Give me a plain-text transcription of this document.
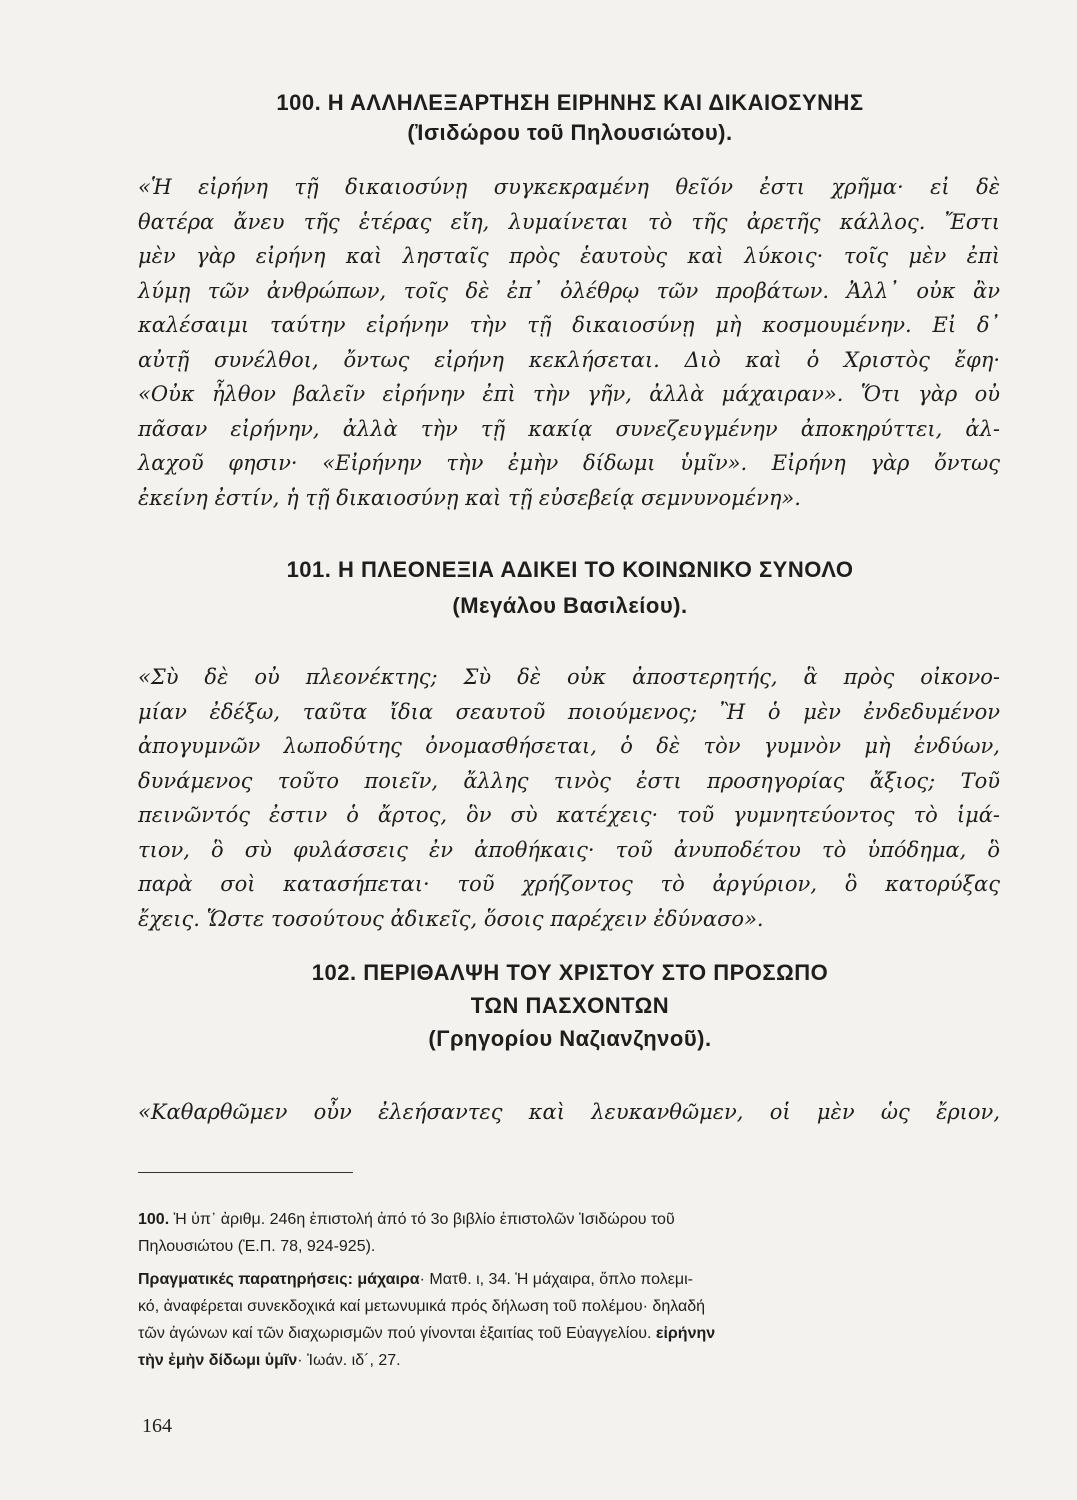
100. Η ΑΛΛΗΛΕΞΑΡΤΗΣΗ ΕΙΡΗΝΗΣ ΚΑΙ ΔΙΚΑΙΟΣΥΝΗΣ
(Ἰσιδώρου τοῦ Πηλουσιώτου).
«Ἡ εἰρήνη τῇ δικαιοσύνῃ συγκεκραμένη θεῖόν ἐστι χρῆμα· εἰ δὲ
θατέρα ἄνευ τῆς ἑτέρας εἴη, λυμαίνεται τὸ τῆς ἀρετῆς κάλλος. Ἔστι
μὲν γὰρ εἰρήνη καὶ λησταῖς πρὸς ἑαυτοὺς καὶ λύκοις· τοῖς μὲν ἐπὶ
λύμῃ τῶν ἀνθρώπων, τοῖς δὲ ἐπ᾽ ὀλέθρῳ τῶν προβάτων. Ἀλλ᾽ οὐκ ἂν
καλέσαιμι ταύτην εἰρήνην τὴν τῇ δικαιοσύνῃ μὴ κοσμουμένην. Εἰ δ᾽
αὐτῇ συνέλθοι, ὄντως εἰρήνη κεκλήσεται. Διὸ καὶ ὁ Χριστὸς ἔφη·
«Οὐκ ἦλθον βαλεῖν εἰρήνην ἐπὶ τὴν γῆν, ἀλλὰ μάχαιραν». Ὅτι γὰρ οὐ
πᾶσαν εἰρήνην, ἀλλὰ τὴν τῇ κακίᾳ συνεζευγμένην ἀποκηρύττει, ἀλ-
λαχοῦ φησιν· «Εἰρήνην τὴν ἐμὴν δίδωμι ὑμῖν». Εἰρήνη γὰρ ὄντως
ἐκείνη ἐστίν, ἡ τῇ δικαιοσύνῃ καὶ τῇ εὐσεβείᾳ σεμνυνομένη».
101. Η ΠΛΕΟΝΕΞΙΑ ΑΔΙΚΕΙ ΤΟ ΚΟΙΝΩΝΙΚΟ ΣΥΝΟΛΟ
(Μεγάλου Βασιλείου).
«Σὺ δὲ οὐ πλεονέκτης; Σὺ δὲ οὐκ ἀποστερητής, ἃ πρὸς οἰκονο-
μίαν ἐδέξω, ταῦτα ἴδια σεαυτοῦ ποιούμενος; Ἢ ὁ μὲν ἐνδεδυμένον
ἀπογυμνῶν λωποδύτης ὀνομασθήσεται, ὁ δὲ τὸν γυμνὸν μὴ ἐνδύων,
δυνάμενος τοῦτο ποιεῖν, ἄλλης τινὸς ἐστι προσηγορίας ἄξιος; Τοῦ
πεινῶντός ἐστιν ὁ ἄρτος, ὃν σὺ κατέχεις· τοῦ γυμνητεύοντος τὸ ἱμά-
τιον, ὃ σὺ φυλάσσεις ἐν ἀποθήκαις· τοῦ ἀνυποδέτου τὸ ὑπόδημα, ὃ
παρὰ σοὶ κατασήπεται· τοῦ χρήζοντος τὸ ἀργύριον, ὃ κατορύξας
ἔχεις. Ὥστε τοσούτους ἀδικεῖς, ὅσοις παρέχειν ἐδύνασο».
102. ΠΕΡΙΘΑΛΨΗ ΤΟΥ ΧΡΙΣΤΟΥ ΣΤΟ ΠΡΟΣΩΠΟ
ΤΩΝ ΠΑΣΧΟΝΤΩΝ
(Γρηγορίου Ναζιανζηνοῦ).
«Καθαρθῶμεν οὖν ἐλεήσαντες καὶ λευκανθῶμεν, οἱ μὲν ὡς ἔριον,
100. Ἡ ὑπ᾽ ἀριθμ. 246η ἐπιστολή ἀπό τό 3ο βιβλίο ἐπιστολῶν Ἰσιδώρου τοῦ
Πηλουσιώτου (Ἑ.Π. 78, 924-925).
Πραγματικές παρατηρήσεις: μάχαιρα· Ματθ. ι, 34. Ἡ μάχαιρα, ὅπλο πολεμι-
κό, ἀναφέρεται συνεκδοχικά καί μετωνυμικά πρός δήλωση τοῦ πολέμου· δηλαδή
τῶν ἀγώνων καί τῶν διαχωρισμῶν πού γίνονται ἐξαιτίας τοῦ Εὐαγγελίου. εἰρήνην
τὴν ἐμὴν δίδωμι ὑμῖν· Ἰωάν. ιδ´, 27.
164
